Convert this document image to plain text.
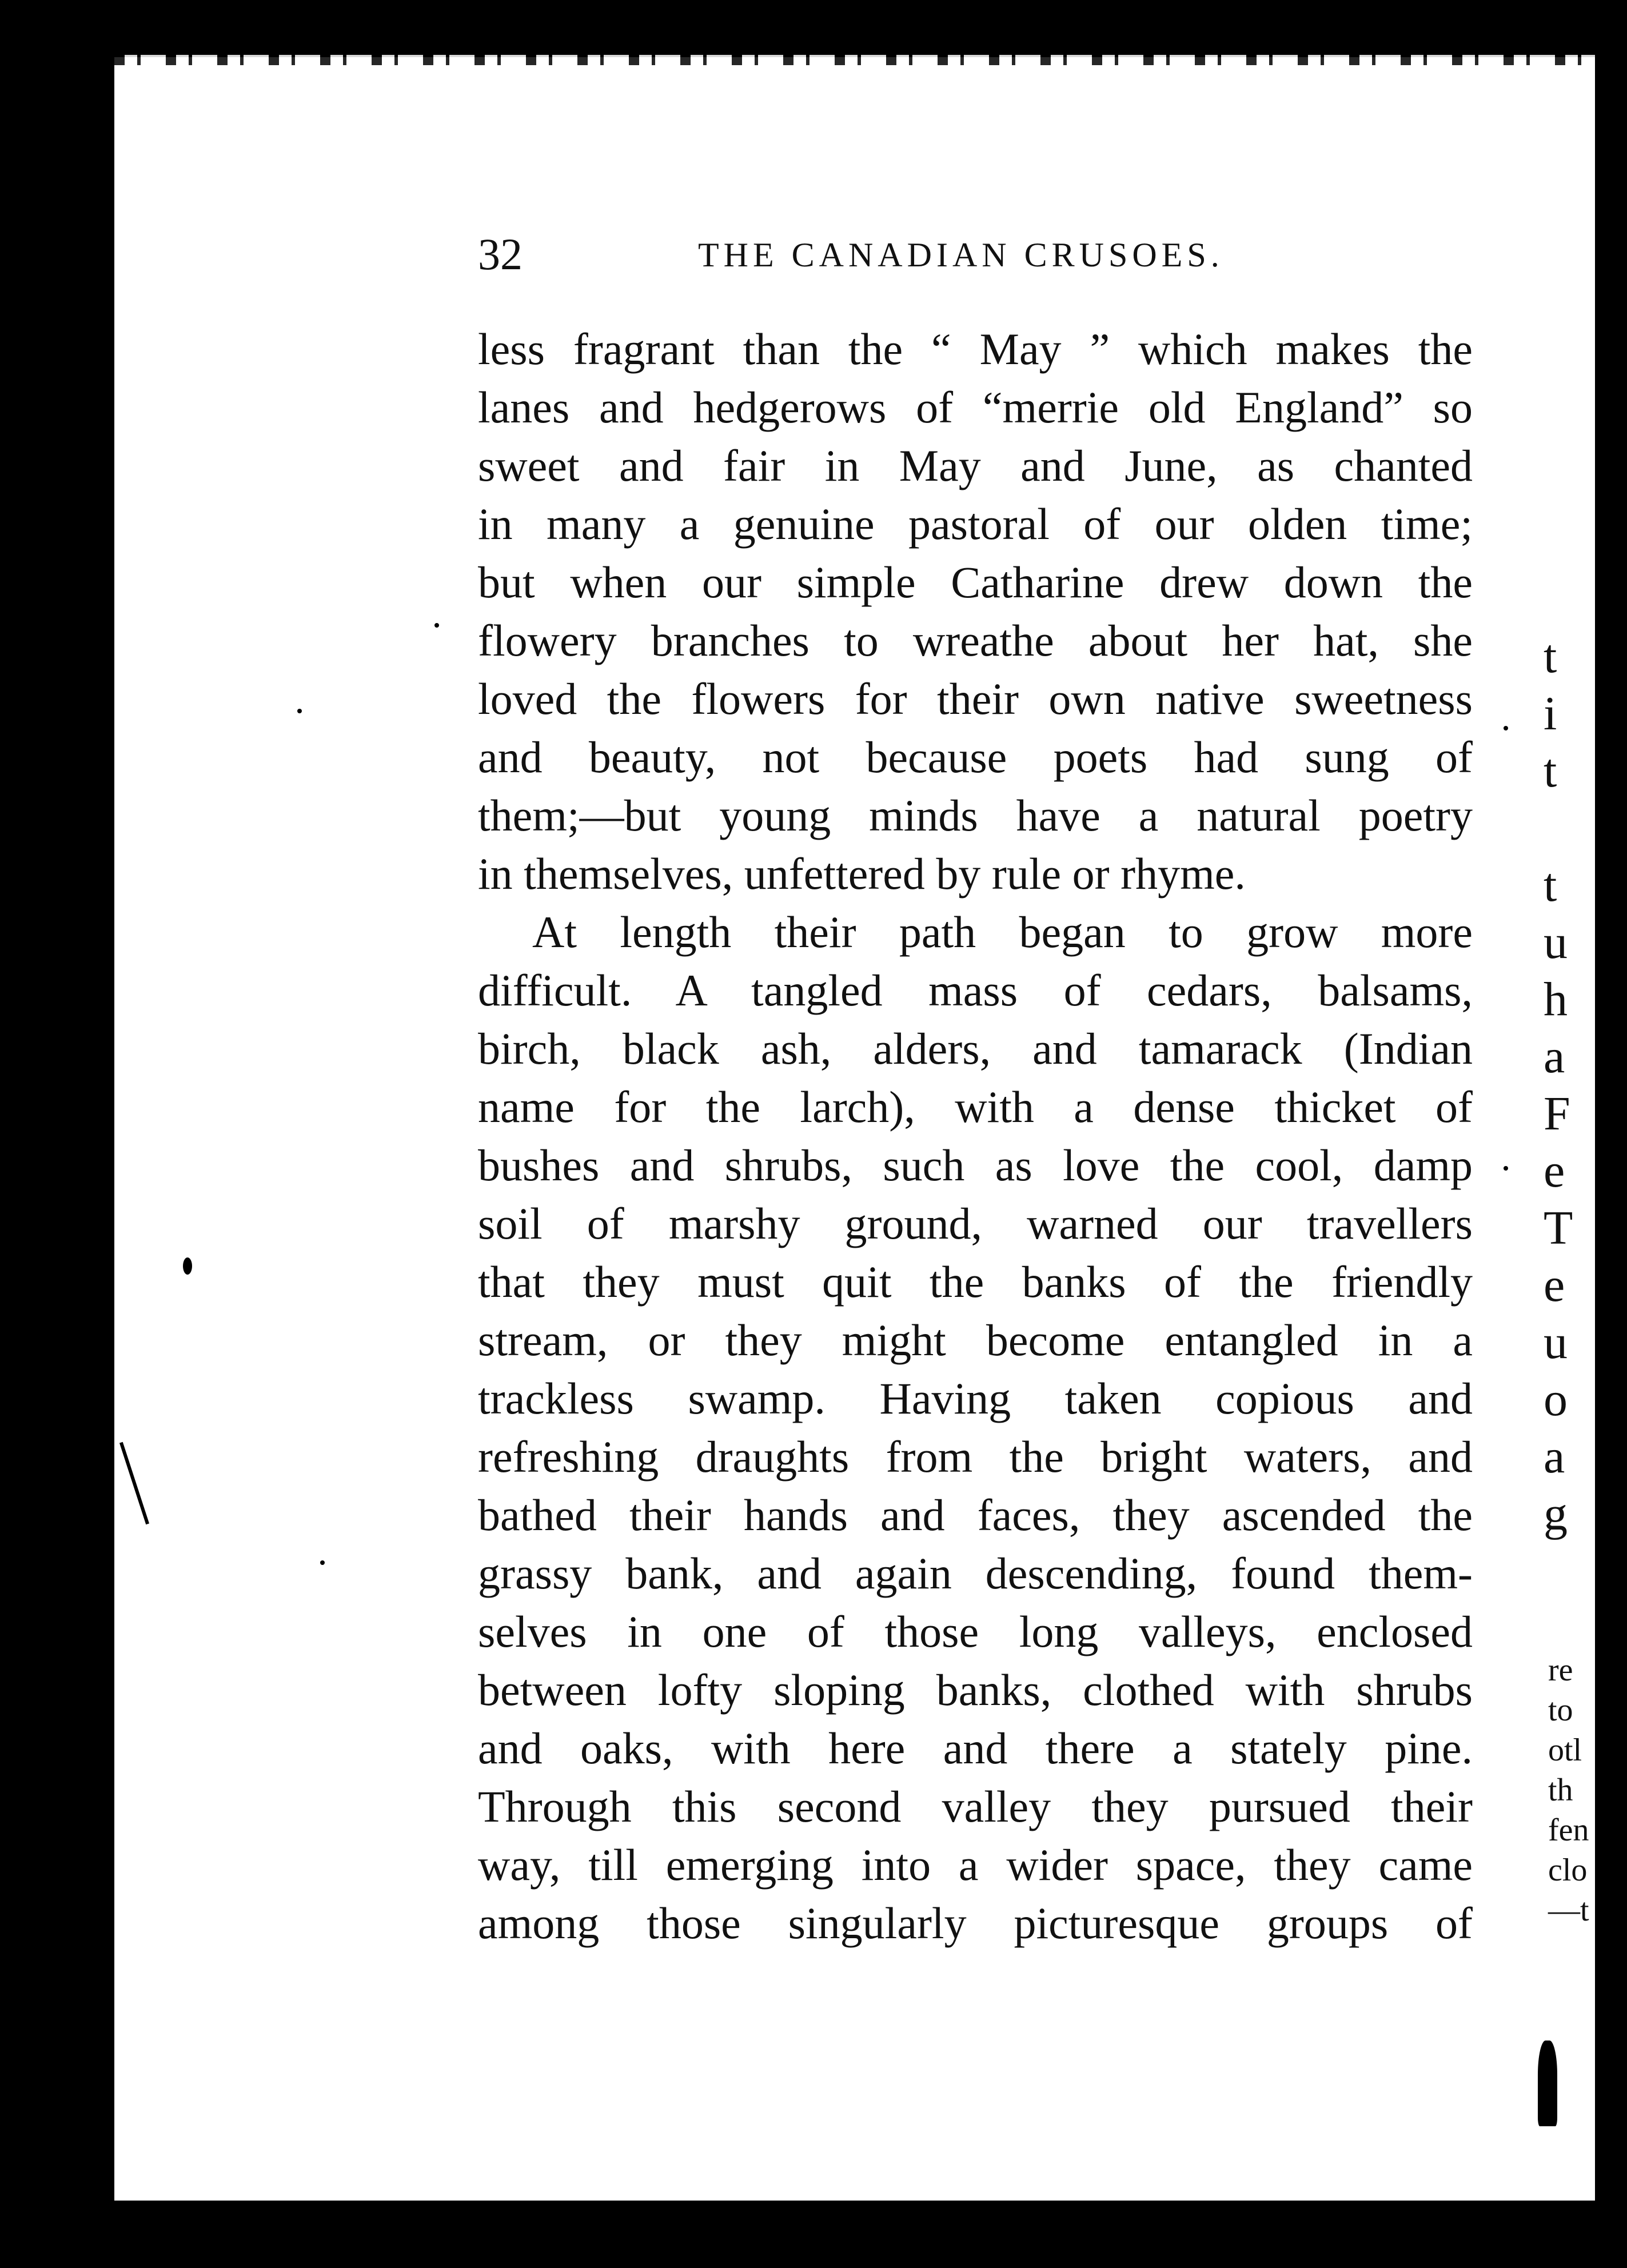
32	THE CANADIAN CRUSOES.
less fragrant than the “ May ” which makes the
lanes and hedgerows of “merrie old England” so
sweet and fair in May and June, as chanted
in many a genuine pastoral of our olden time;
but when our simple Catharine drew down the
flowery branches to wreathe about her hat, she
loved the flowers for their own native sweetness
and beauty, not because poets had sung of
them;—but young minds have a natural poetry
in themselves, unfettered by rule or rhyme.
At length their path began to grow more
difficult. A tangled mass of cedars, balsams,
birch, black ash, alders, and tamarack (Indian
name for the larch), with a dense thicket of
bushes and shrubs, such as love the cool, damp
soil of marshy ground, warned our travellers
that they must quit the banks of the friendly
stream, or they might become entangled in a
trackless swamp. Having taken copious and
refreshing draughts from the bright waters, and
bathed their hands and faces, they ascended the
grassy bank, and again descending, found them-
selves in one of those long valleys, enclosed
between lofty sloping banks, clothed with shrubs
and oaks, with here and there a stately pine.
Through this second valley they pursued their
way, till emerging into a wider space, they came
among those singularly picturesque groups of
t
i
t
t
u
h
a
F
e
T
e
u
o
a
g
re
to
otl
th
fen
clo
—t
